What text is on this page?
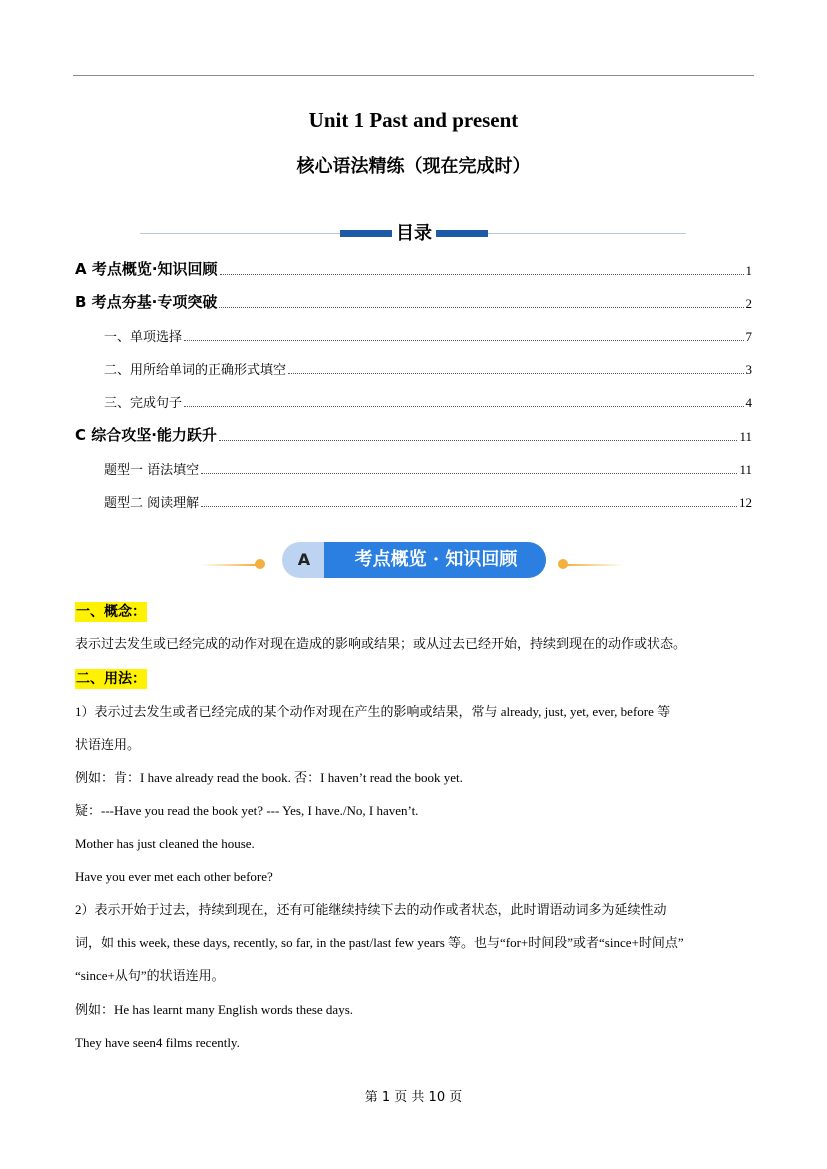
Unit 1 Past and present
核心语法精练（现在完成时）
目录
A 考点概览·知识回顾	1
B 考点夯基·专项突破	2
一、单项选择	7
二、用所给单词的正确形式填空	3
三、完成句子	4
C 综合攻坚·能力跃升	11
题型一 语法填空	11
题型二 阅读理解	12
A	考点概览 · 知识回顾
一、概念：
表示过去发生或已经完成的动作对现在造成的影响或结果；或从过去已经开始，持续到现在的动作或状态。
二、用法：
1）表示过去发生或者已经完成的某个动作对现在产生的影响或结果，常与 already, just, yet, ever, before 等
状语连用。
例如：肯：I have already read the book. 否：I haven’t read the book yet.
疑：---Have you read the book yet? --- Yes, I have./No, I haven’t.
Mother has just cleaned the house.
Have you ever met each other before?
2）表示开始于过去，持续到现在，还有可能继续持续下去的动作或者状态，此时谓语动词多为延续性动
词，如 this week, these days, recently, so far, in the past/last few years 等。也与“for+时间段”或者“since+时间点”
“since+从句”的状语连用。
例如：He has learnt many English words these days.
They have seen4 films recently.
第 1 页 共 10 页
